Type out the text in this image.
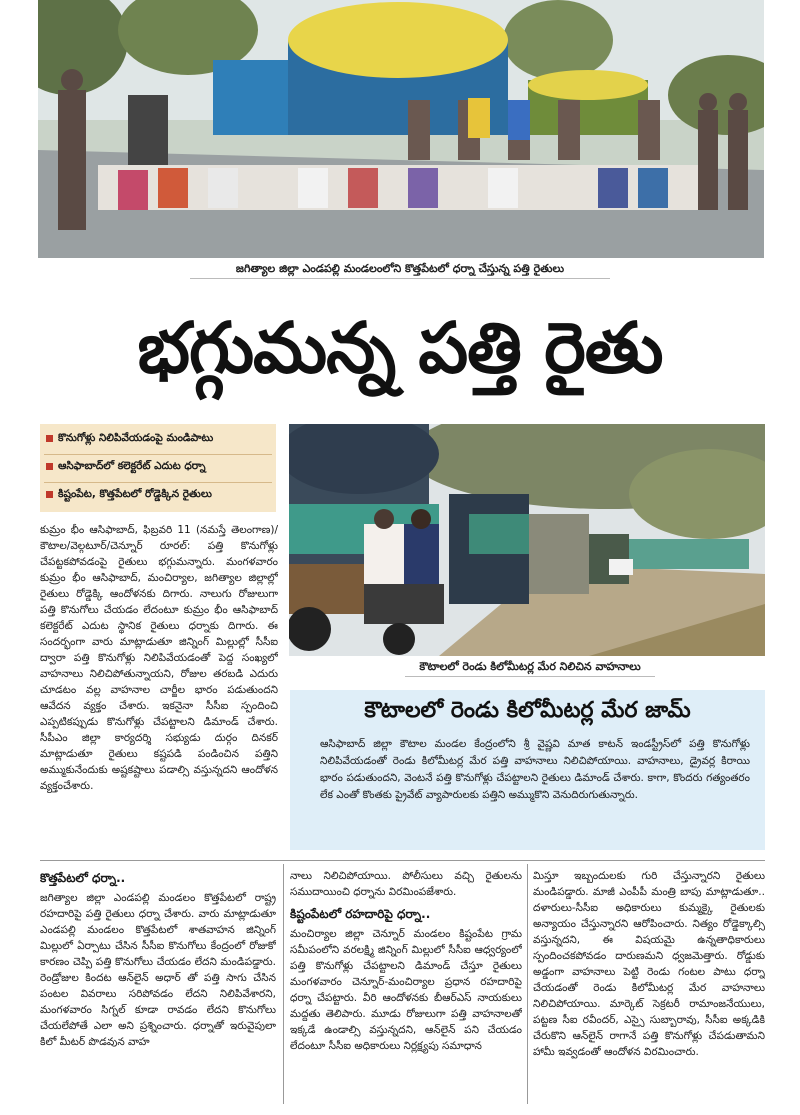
జగిత్యాల జిల్లా ఎండపల్లి మండలంలోని కొత్తపేటలో ధర్నా చేస్తున్న పత్తి రైతులు
భగ్గుమన్న పత్తి రైతు
కొనుగోళ్లు నిలిపివేయడంపై మండిపాటు
ఆసిఫాబాద్‌లో కలెక్టరేట్ ఎదుట ధర్నా
కిష్టంపేట, కొత్తపేటలో రోడ్డెక్కిన రైతులు
కౌటాలలో రెండు కిలోమీటర్ల మేర నిలిచిన వాహనాలు

కుమ్రం భీం ఆసిఫాబాద్, ఫిబ్రవరి 11 (నమస్తే తెలంగాణ)/కౌటాల/వెల్గటూర్/చెన్నూర్ రూరల్: పత్తి కొనుగోళ్లు చేపట్టకపోవడంపై రైతులు భగ్గుమన్నారు. మంగళవారం కుమ్రం భీం ఆసిఫాబాద్, మంచిర్యాల, జగిత్యాల జిల్లాల్లో రైతులు రోడ్డెక్కి ఆందోళనకు దిగారు. నాలుగు రోజులుగా పత్తి కొనుగోలు చేయడం లేదంటూ కుమ్రం భీం ఆసిఫాబాద్ కలెక్టరేట్ ఎదుట స్థానిక రైతులు ధర్నాకు దిగారు. ఈ సందర్భంగా వారు మాట్లాడుతూ జిన్నింగ్ మిల్లుల్లో సీసీఐ ద్వారా పత్తి కొనుగోళ్లు నిలిపివేయడంతో పెద్ద సంఖ్యలో వాహనాలు నిలిచిపోతున్నాయని, రోజుల తరబడి ఎదురు చూడటం వల్ల వాహనాల చార్జీల భారం పడుతుందని ఆవేదన వ్యక్తం చేశారు. ఇకనైనా సీసీఐ స్పందించి ఎప్పటికప్పుడు కొనుగోళ్లు చేపట్టాలని డిమాండ్ చేశారు. సీపీఎం జిల్లా కార్యదర్శి సభ్యుడు దుర్గం దినకర్ మాట్లాడుతూ రైతులు కష్టపడి పండించిన పత్తిని అమ్ముకునేందుకు అష్టకష్టాలు పడాల్సి వస్తున్నదని ఆందోళన వ్యక్తంచేశారు.

కౌటాలలో రెండు కిలోమీటర్ల మేర జామ్
ఆసిఫాబాద్ జిల్లా కౌటాల మండల కేంద్రంలోని శ్రీ వైష్ణవి మాత కాటన్ ఇండస్ట్రీస్‌లో పత్తి కొనుగోళ్లు నిలిపివేయడంతో రెండు కిలోమీటర్ల మేర పత్తి వాహనాలు నిలిచిపోయాయి. వాహనాలు, డ్రైవర్ల కిరాయి భారం పడుతుందని, వెంటనే పత్తి కొనుగోళ్లు చేపట్టాలని రైతులు డిమాండ్ చేశారు. కాగా, కొందరు గత్యంతరం లేక ఎంతో కొంతకు ప్రైవేట్ వ్యాపారులకు పత్తిని అమ్ముకొని వెనుదిరుగుతున్నారు.
కొత్తపేటలో ధర్నా..

జగిత్యాల జిల్లా ఎండపల్లి మండలం కొత్తపేటలో రాష్ట్ర రహదారిపై పత్తి రైతులు ధర్నా చేశారు. వారు మాట్లాడుతూ ఎండపల్లి మండలం కొత్తపేటలో శాతవాహన జిన్నింగ్ మిల్లులో ఏర్పాటు చేసిన సీసీఐ కొనుగోలు కేంద్రంలో రోజుకో కారణం చెప్పి పత్తి కొనుగోలు చేయడం లేదని మండిపడ్డారు. రెండ్రోజుల కిందట ఆన్‌లైన్ అధార్ తో పత్తి సాగు చేసిన పంటల వివరాలు సరిపోవడం లేదని నిలిపివేశారని, మంగళవారం సిగ్నల్ కూడా రావడం లేదని కొనుగోలు చేయలేపోతే ఎలా అని ప్రశ్నించారు. ధర్నాతో ఇరువైపులా కిలో మీటర్ పొడవున వాహ

నాలు నిలిచిపోయాయి. పోలీసులు వచ్చి రైతులను సముదాయించి ధర్నాను విరమింపజేశారు.

కిష్టంపేటలో రహదారిపై ధర్నా..

మంచిర్యాల జిల్లా చెన్నూర్ మండలం కిష్టంపేట గ్రామ సమీపంలోని వరలక్ష్మి జిన్నింగ్ మిల్లులో సీసీఐ ఆధ్వర్యంలో పత్తి కొనుగోళ్లు చేపట్టాలని డిమాండ్ చేస్తూ రైతులు మంగళవారం చెన్నూర్-మంచిర్యాల ప్రధాన రహదారిపై ధర్నా చేపట్టారు. వీరి ఆందోళనకు బీఆర్ఎస్ నాయకులు మద్దతు తెలిపారు. మూడు రోజులుగా పత్తి వాహనాలతో ఇక్కడే ఉండాల్సి వస్తున్నదని, ఆన్‌లైన్ పని చేయడం లేదంటూ సీసీఐ అధికారులు నిర్లక్ష్యపు సమాధాన

మిస్తూ ఇబ్బందులకు గురి చేస్తున్నారని రైతులు మండిపడ్డారు. మాజీ ఎంపీపీ మంత్రి బాపు మాట్లాడుతూ.. దళారులు-సీసీఐ అధికారులు కుమ్మక్కై రైతులకు అన్యాయం చేస్తున్నారని ఆరోపించారు. నిత్యం రోడ్డెక్కాల్సి వస్తున్నదని, ఈ విషయమై ఉన్నతాధికారులు స్పందించకపోవడం దారుణమని ధ్వజమెత్తారు. రోడ్డుకు అడ్డంగా వాహనాలు పెట్టి రెండు గంటల పాటు ధర్నా చేయడంతో రెండు కిలోమీటర్ల మేర వాహనాలు నిలిచిపోయాయి. మార్కెట్ సెక్రటరీ రామాంజనేయులు, పట్టణ సీఐ రవీందర్, ఎస్సై సుబ్బారావు, సీసీఐ అక్కడికి చేరుకొని ఆన్‌లైన్ రాగానే పత్తి కొనుగోళ్లు చేపడుతామని హామీ ఇవ్వడంతో ఆందోళన విరమించారు.
